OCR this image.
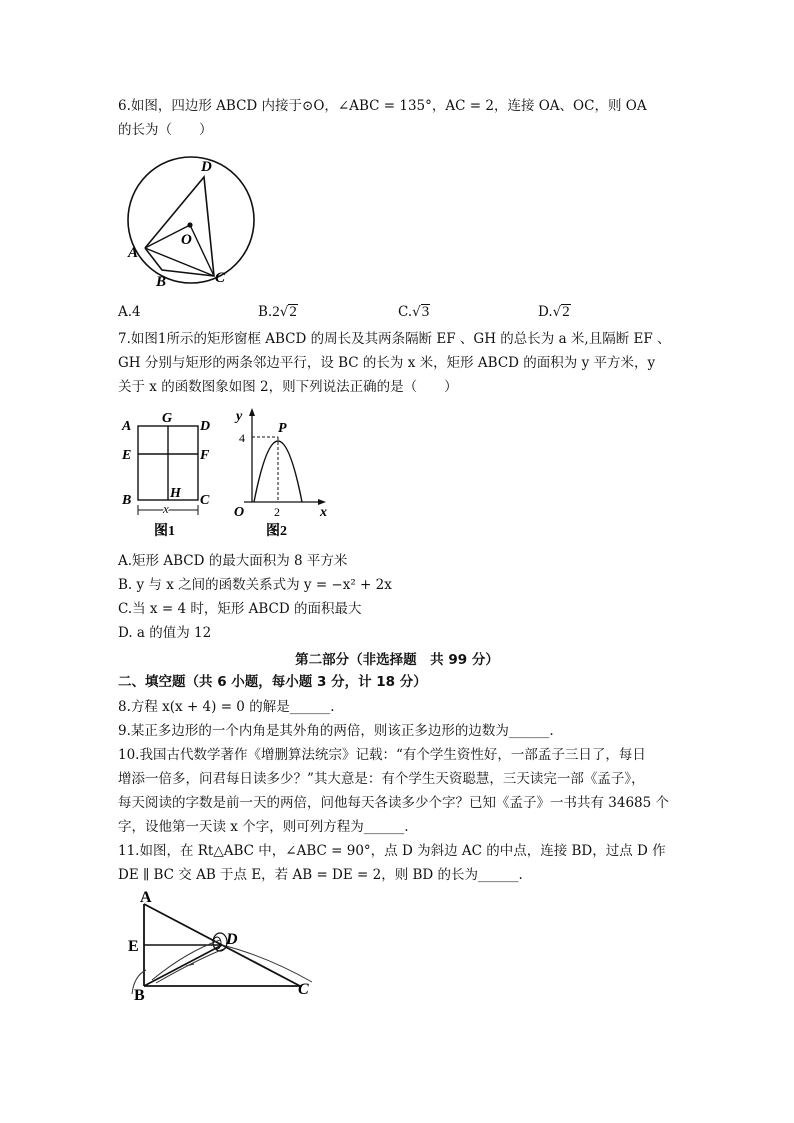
6.如图，四边形 ABCD 内接于⊙O，∠ABC = 135°，AC = 2，连接 OA、OC，则 OA
的长为（　　）
D
O
A
B	C
A.4	B.2√2	C.√3	D.√2
7.如图1所示的矩形窗框 ABCD 的周长及其两条隔断 EF 、GH 的总长为 a 米,且隔断 EF 、
GH 分别与矩形的两条邻边平行，设 BC 的长为 x 米，矩形 ABCD 的面积为 y 平方米，y
关于 x 的函数图象如图 2，则下列说法正确的是（　　）
A
G
D
E	F
B	H C
x
图1
y
P
4
O 2	x
图2
A.矩形 ABCD 的最大面积为 8 平方米
B. y 与 x 之间的函数关系式为 y = −x² + 2x
C.当 x = 4 时，矩形 ABCD 的面积最大
D. a 的值为 12
第二部分（非选择题　共 99 分）
二、填空题（共 6 小题，每小题 3 分，计 18 分）
8.方程 x(x + 4) = 0 的解是______.
9.某正多边形的一个内角是其外角的两倍，则该正多边形的边数为______.
10.我国古代数学著作《增删算法统宗》记载：“有个学生资性好，一部孟子三日了，每日
增添一倍多，问君每日读多少？”其大意是：有个学生天资聪慧，三天读完一部《孟子》，
每天阅读的字数是前一天的两倍，问他每天各读多少个字？已知《孟子》一书共有 34685 个
字，设他第一天读 x 个字，则可列方程为______.
11.如图，在 Rt△ABC 中，∠ABC = 90°，点 D 为斜边 AC 的中点，连接 BD，过点 D 作
DE ∥ BC 交 AB 于点 E，若 AB = DE = 2，则 BD 的长为______.
A
E	D
B	C
